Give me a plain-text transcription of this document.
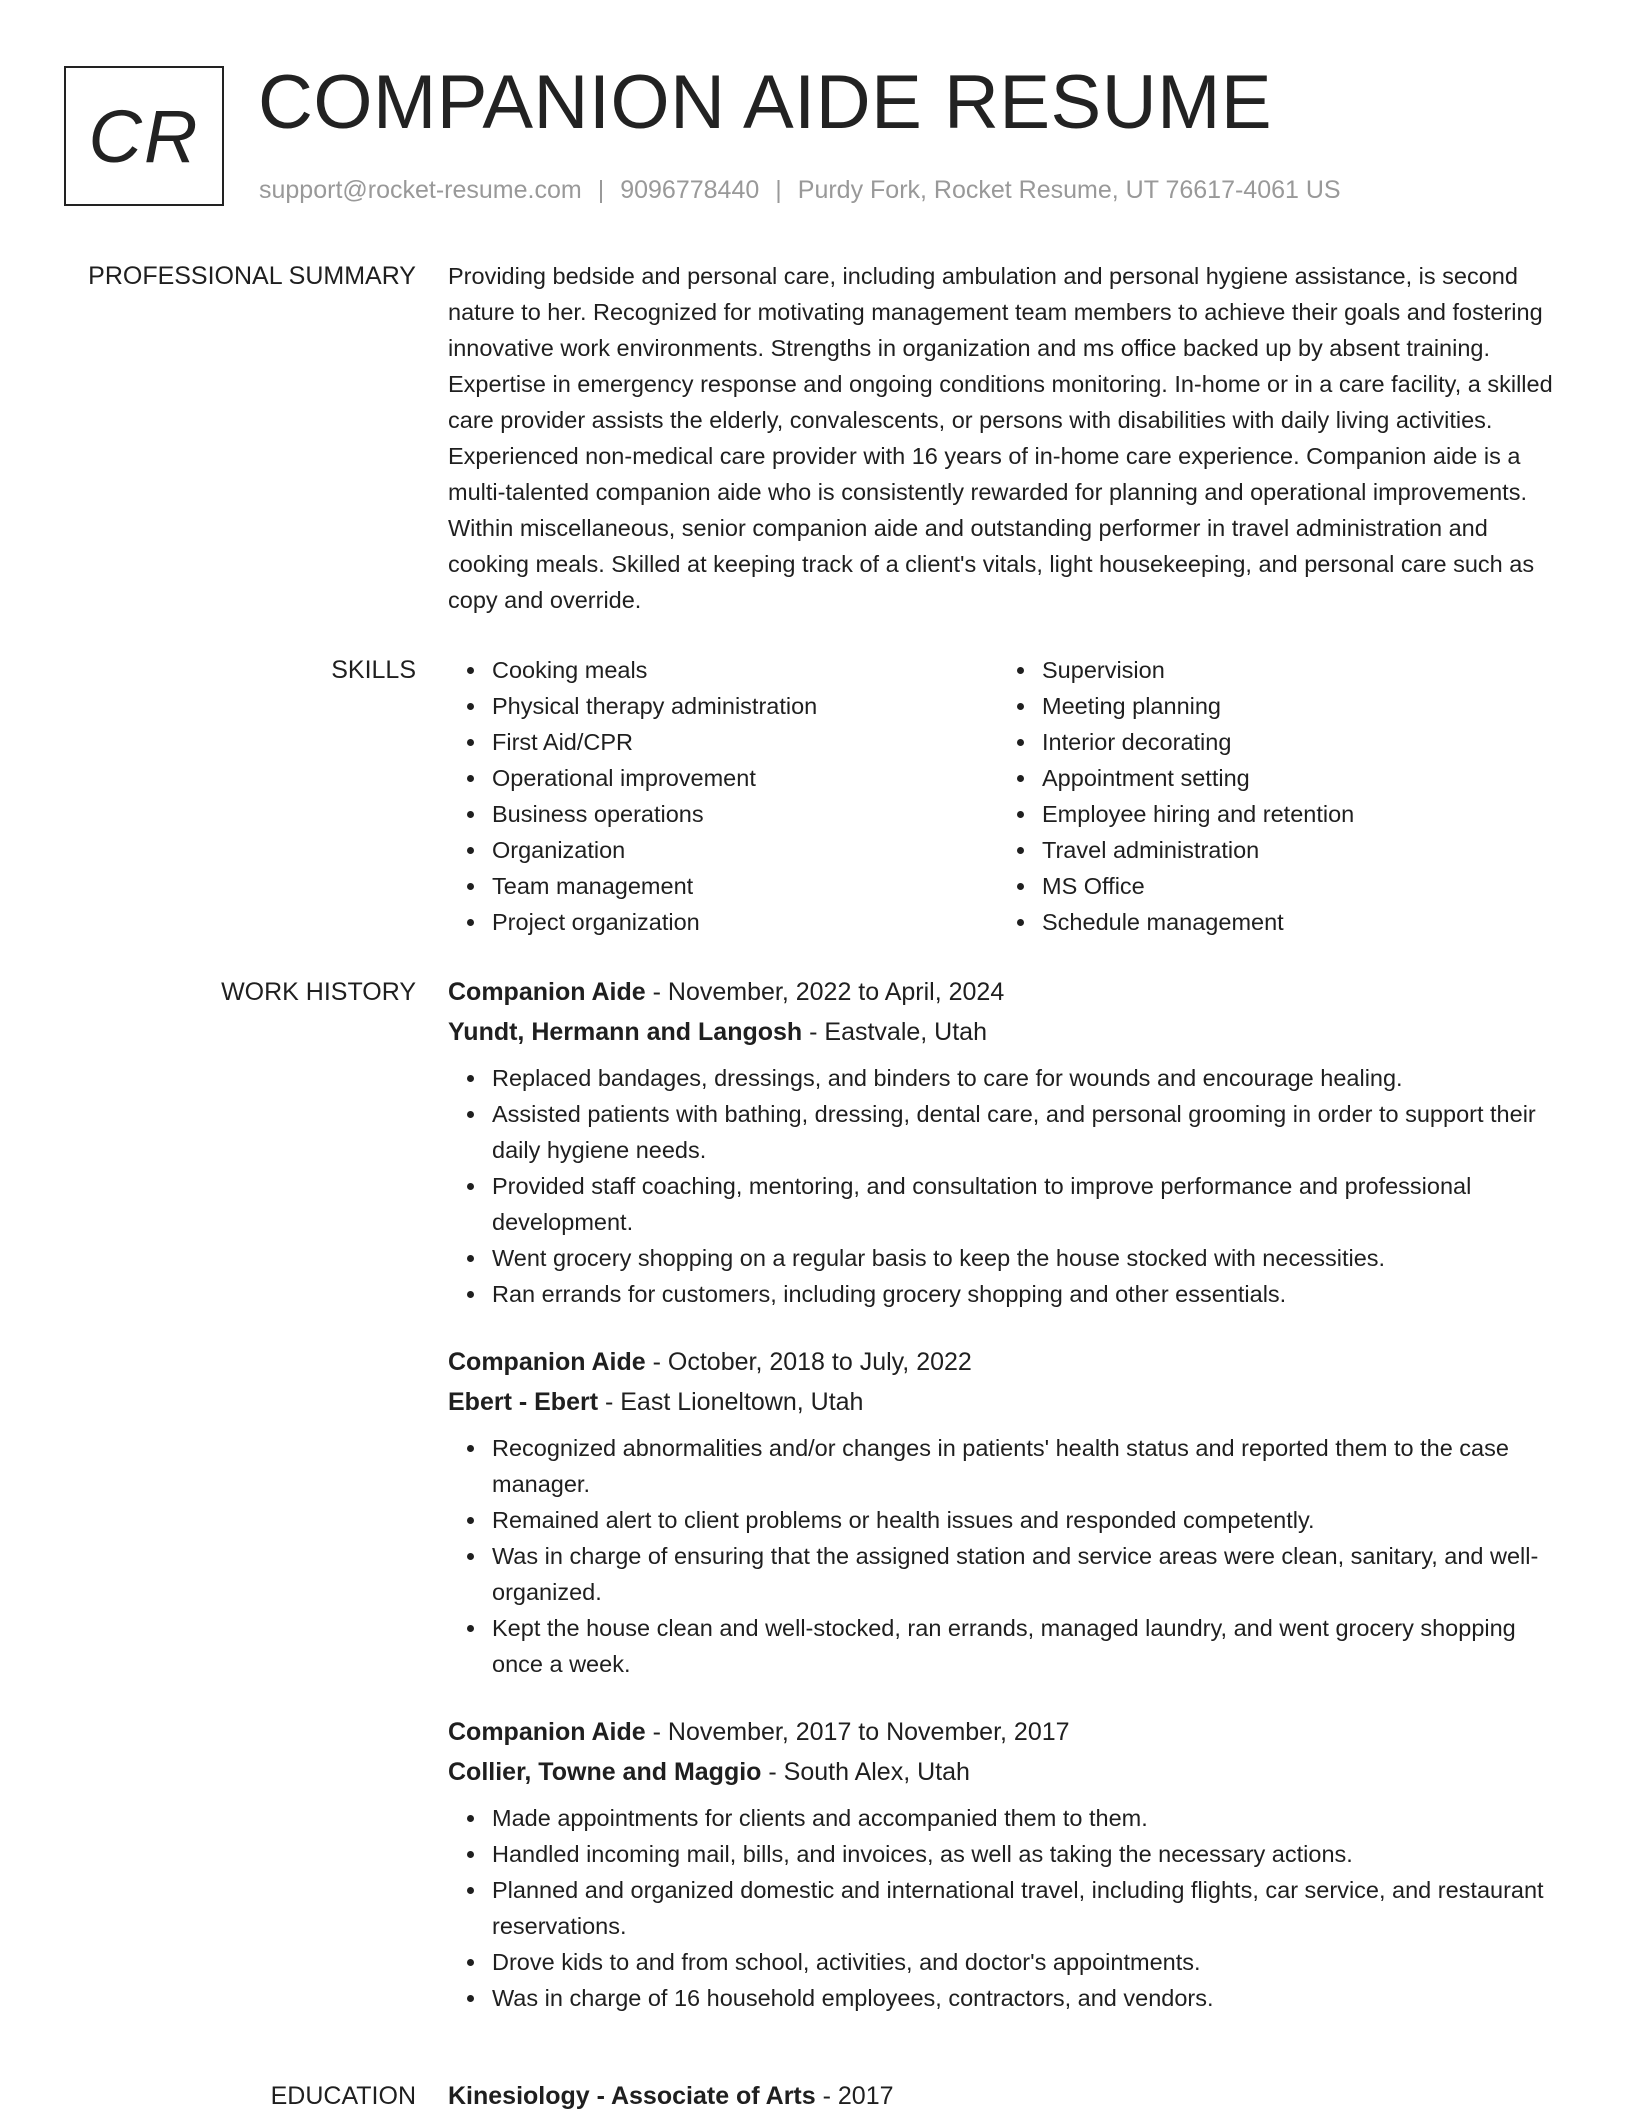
CR COMPANION AIDE RESUME
support@rocket-resume.com | 9096778440 | Purdy Fork, Rocket Resume, UT 76617-4061 US
PROFESSIONAL SUMMARY Providing bedside and personal care, including ambulation and personal hygiene assistance, is second nature to her. Recognized for motivating management team members to achieve their goals and fostering innovative work environments. Strengths in organization and ms office backed up by absent training. Expertise in emergency response and ongoing conditions monitoring. In-home or in a care facility, a skilled care provider assists the elderly, convalescents, or persons with disabilities with daily living activities. Experienced non-medical care provider with 16 years of in-home care experience. Companion aide is a multi-talented companion aide who is consistently rewarded for planning and operational improvements. Within miscellaneous, senior companion aide and outstanding performer in travel administration and cooking meals. Skilled at keeping track of a client's vitals, light housekeeping, and personal care such as copy and override.

SKILLS	Cooking meals
Physical therapy administration
First Aid/CPR
Operational improvement
Business operations
Organization
Team management
Project organization
Supervision
Meeting planning
Interior decorating
Appointment setting
Employee hiring and retention
Travel administration
MS Office
Schedule management
WORK HISTORY Companion Aide - November, 2022 to April, 2024
Yundt, Hermann and Langosh - Eastvale, Utah
Replaced bandages, dressings, and binders to care for wounds and encourage healing.
Assisted patients with bathing, dressing, dental care, and personal grooming in order to support their daily hygiene needs.
Provided staff coaching, mentoring, and consultation to improve performance and professional development.
Went grocery shopping on a regular basis to keep the house stocked with necessities.
Ran errands for customers, including grocery shopping and other essentials.
Companion Aide - October, 2018 to July, 2022
Ebert - Ebert - East Lioneltown, Utah
Recognized abnormalities and/or changes in patients' health status and reported them to the case manager.
Remained alert to client problems or health issues and responded competently.
Was in charge of ensuring that the assigned station and service areas were clean, sanitary, and well-organized.
Kept the house clean and well-stocked, ran errands, managed laundry, and went grocery shopping once a week.
Companion Aide - November, 2017 to November, 2017
Collier, Towne and Maggio - South Alex, Utah
Made appointments for clients and accompanied them to them.
Handled incoming mail, bills, and invoices, as well as taking the necessary actions.
Planned and organized domestic and international travel, including flights, car service, and restaurant reservations.
Drove kids to and from school, activities, and doctor's appointments.
Was in charge of 16 household employees, contractors, and vendors.
EDUCATION Kinesiology - Associate of Arts - 2017
